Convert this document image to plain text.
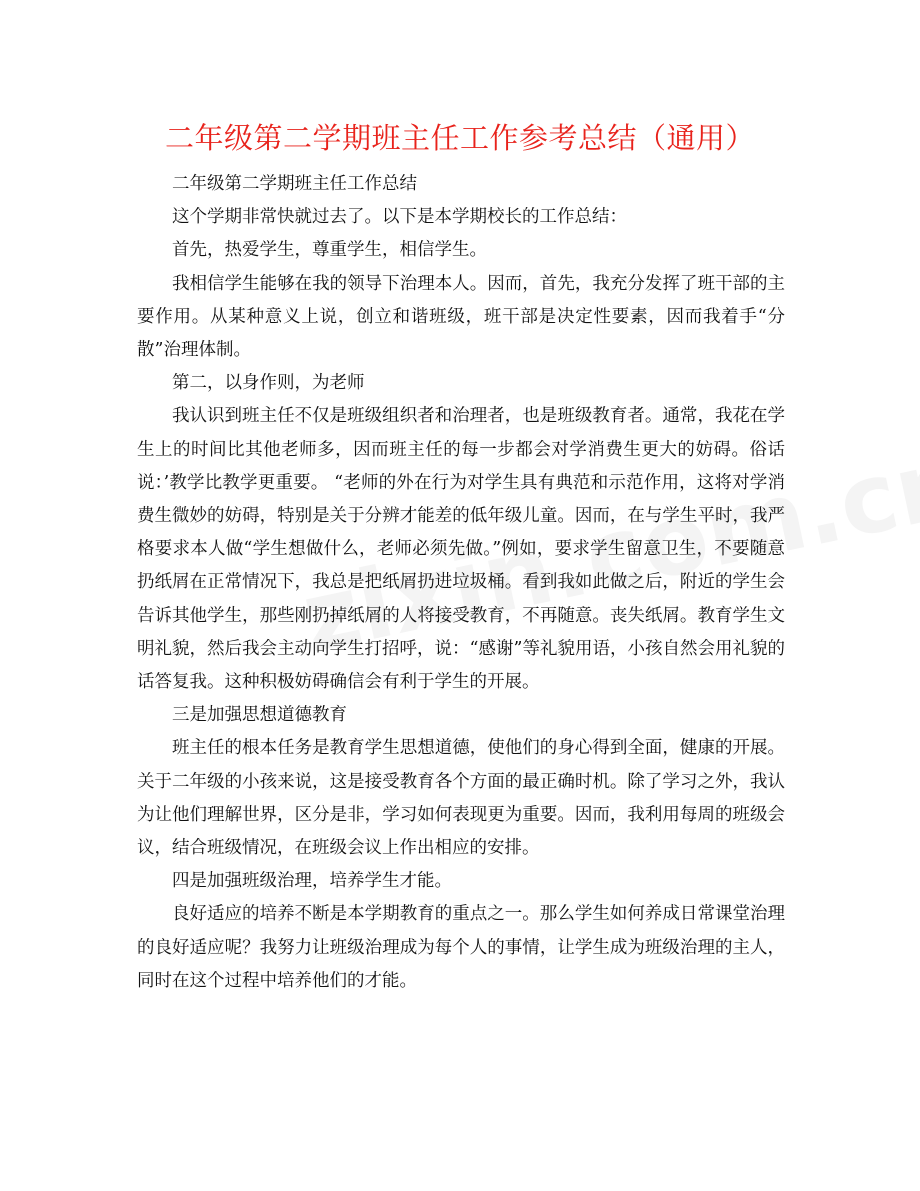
二年级第二学期班主任工作参考总结（通用）

二年级第二学期班主任工作总结

这个学期非常快就过去了。以下是本学期校长的工作总结：

首先，热爱学生，尊重学生，相信学生。

我相信学生能够在我的领导下治理本人。因而，首先，我充分发挥了班干部的主要作用。从某种意义上说，创立和谐班级，班干部是决定性要素，因而我着手“分散”治理体制。

第二，以身作则，为老师

我认识到班主任不仅是班级组织者和治理者，也是班级教育者。通常，我花在学生上的时间比其他老师多，因而班主任的每一步都会对学消费生更大的妨碍。俗话说：’教学比教学更重要。 “老师的外在行为对学生具有典范和示范作用，这将对学消费生微妙的妨碍，特别是关于分辨才能差的低年级儿童。因而，在与学生平时，我严格要求本人做“学生想做什么，老师必须先做。”例如，要求学生留意卫生，不要随意扔纸屑在正常情况下，我总是把纸屑扔进垃圾桶。看到我如此做之后，附近的学生会告诉其他学生，那些刚扔掉纸屑的人将接受教育，不再随意。丧失纸屑。教育学生文明礼貌，然后我会主动向学生打招呼，说：“感谢”等礼貌用语，小孩自然会用礼貌的话答复我。这种积极妨碍确信会有利于学生的开展。

三是加强思想道德教育

班主任的根本任务是教育学生思想道德，使他们的身心得到全面，健康的开展。关于二年级的小孩来说，这是接受教育各个方面的最正确时机。除了学习之外，我认为让他们理解世界，区分是非，学习如何表现更为重要。因而，我利用每周的班级会议，结合班级情况，在班级会议上作出相应的安排。

四是加强班级治理，培养学生才能。

良好适应的培养不断是本学期教育的重点之一。那么学生如何养成日常课堂治理的良好适应呢？我努力让班级治理成为每个人的事情，让学生成为班级治理的主人，同时在这个过程中培养他们的才能。
